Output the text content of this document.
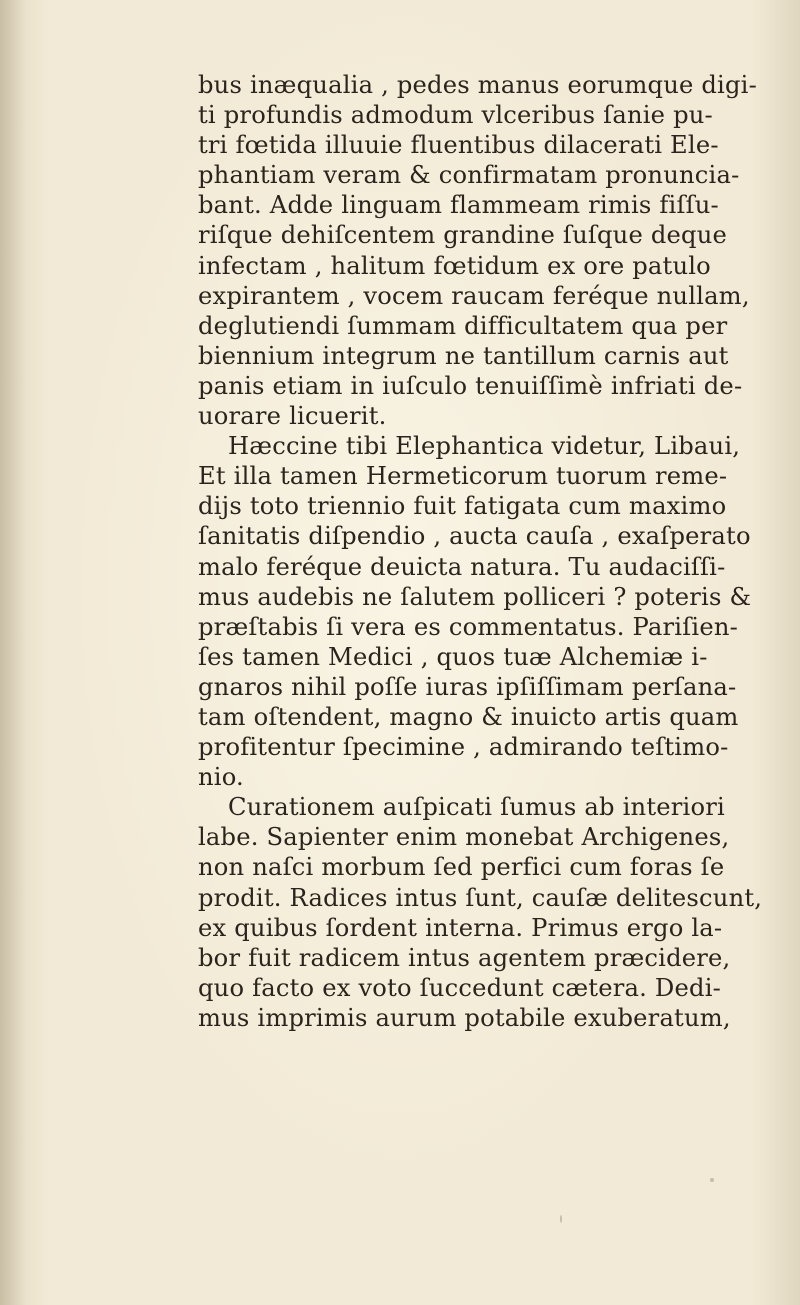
bus inæqualia , pedes manus eorumque digi-
ti profundis admodum vlceribus ſanie pu-
tri fœtida illuuie fluentibus dilacerati Ele-
phantiam veram & confirmatam pronuncia-
bant. Adde linguam flammeam rimis fiſſu-
riſque dehiſcentem grandine ſuſque deque
infectam , halitum fœtidum ex ore patulo
expirantem , vocem raucam feréque nullam,
deglutiendi ſummam difficultatem qua per
biennium integrum ne tantillum carnis aut
panis etiam in iuſculo tenuiſſimè infriati de-
uorare licuerit.
Hæccine tibi Elephantica videtur, Libaui,
Et illa tamen Hermeticorum tuorum reme-
dijs toto triennio fuit fatigata cum maximo
ſanitatis diſpendio , aucta cauſa , exaſperato
malo feréque deuicta natura. Tu audaciſſi-
mus audebis ne ſalutem polliceri ? poteris &
præſtabis ſi vera es commentatus. Pariſien-
ſes tamen Medici , quos tuæ Alchemiæ i-
gnaros nihil poſſe iuras ipſiſſimam perſana-
tam oſtendent, magno & inuicto artis quam
profitentur ſpecimine , admirando teſtimo-
nio.
Curationem auſpicati ſumus ab interiori
labe. Sapienter enim monebat Archigenes,
non naſci morbum ſed perfici cum foras ſe
prodit. Radices intus ſunt, cauſæ delitescunt,
ex quibus ſordent interna. Primus ergo la-
bor fuit radicem intus agentem præcidere,
quo facto ex voto ſuccedunt cætera. Dedi-
mus imprimis aurum potabile exuberatum,
